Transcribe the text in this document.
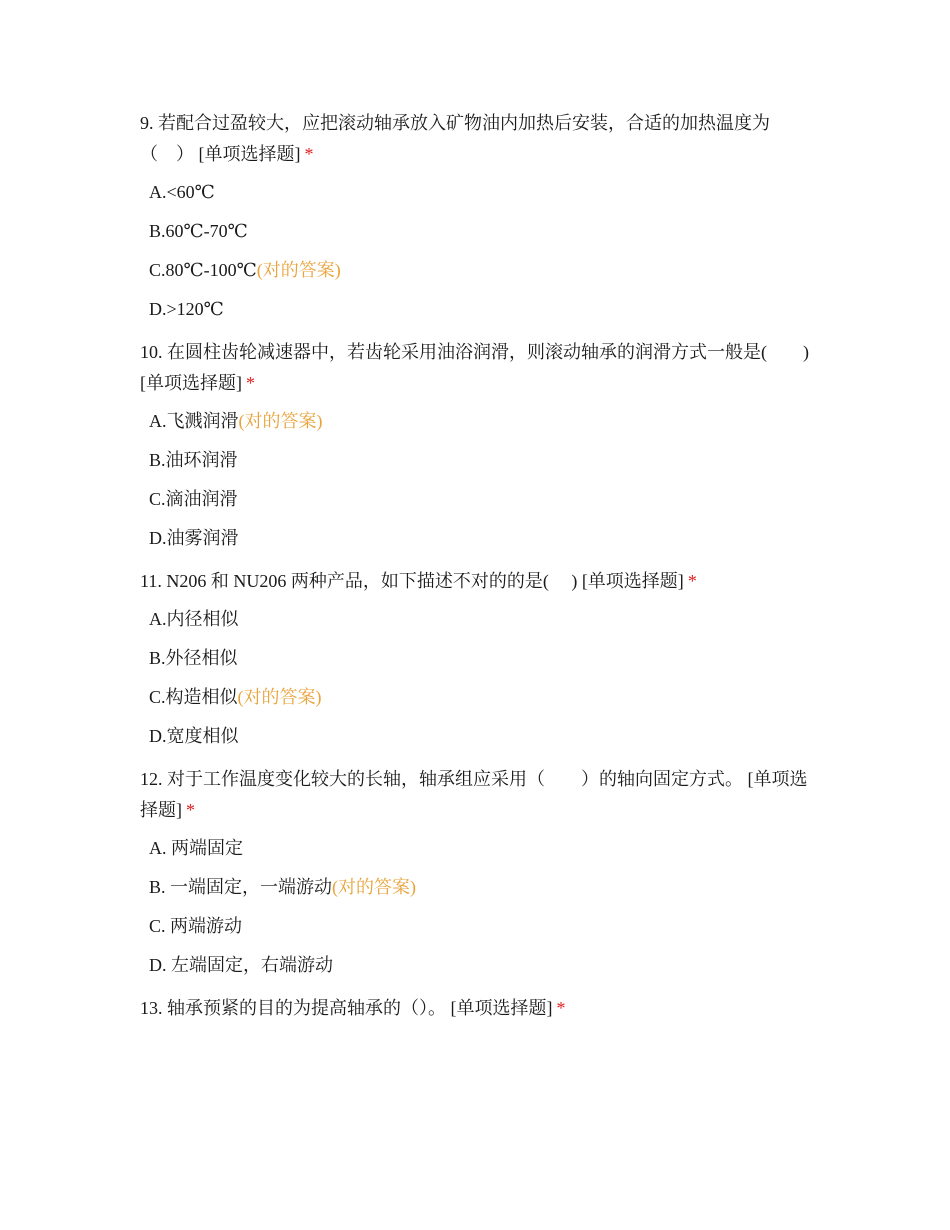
9. 若配合过盈较大，应把滚动轴承放入矿物油内加热后安装，合适的加热温度为（　） [单项选择题] *

A.<60℃
B.60℃-70℃
C.80℃-100℃(对的答案)
D.>120℃

10. 在圆柱齿轮减速器中，若齿轮采用油浴润滑，则滚动轴承的润滑方式一般是(　　) [单项选择题] *

A.飞溅润滑(对的答案)
B.油环润滑
C.滴油润滑
D.油雾润滑

11. N206 和 NU206 两种产品，如下描述不对的的是(　 ) [单项选择题] *

A.内径相似
B.外径相似
C.构造相似(对的答案)
D.宽度相似

12. 对于工作温度变化较大的长轴，轴承组应采用（　　）的轴向固定方式。 [单项选择题] *

A. 两端固定
B. 一端固定，一端游动(对的答案)
C. 两端游动
D. 左端固定，右端游动

13. 轴承预紧的目的为提高轴承的（）。 [单项选择题] *
